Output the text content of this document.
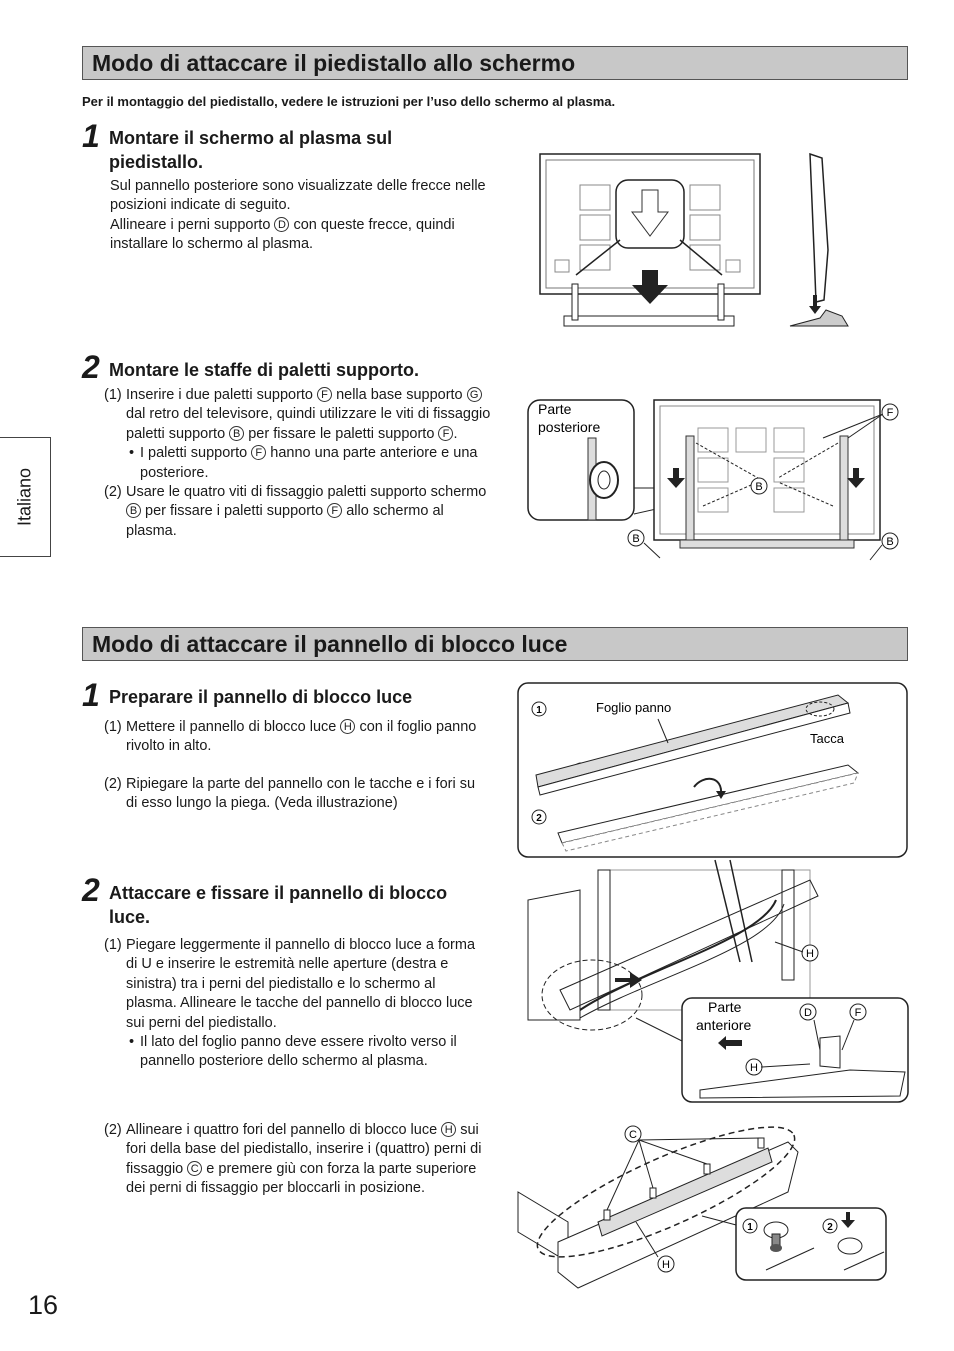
Modo di attaccare il piedistallo allo schermo
Per il montaggio del piedistallo, vedere le istruzioni per l’uso dello schermo al plasma.
1 Montare il schermo al plasma sul piedistallo.

Sul pannello posteriore sono visualizzate delle frecce nelle posizioni indicate di seguito.

Allineare i perni supporto D con queste frecce, quindi installare lo schermo al plasma.

2 Montare le staffe di paletti supporto.
(1) Inserire i due paletti supporto F nella base supporto G dal retro del televisore, quindi utilizzare le viti di fissaggio paletti supporto B per fissare le paletti supporto F .
• I paletti supporto F hanno una parte anteriore e una posteriore.
(2) Usare le quatro viti di fissaggio paletti supporto schermo B per fissare i paletti supporto F allo schermo al plasma.
Parte
posteriore
F
B
B	B
Italiano
Modo di attaccare il pannello di blocco luce
1 Preparare il pannello di blocco luce
(1) Mettere il pannello di blocco luce H con il foglio panno rivolto in alto.
(2) Ripiegare la parte del pannello con le tacche e i fori su di esso lungo la piega. (Veda illustrazione)
1	Foglio panno
Tacca
2
2 Attaccare e fissare il pannello di blocco luce.
(1) Piegare leggermente il pannello di blocco luce a forma di U e inserire le estremità nelle aperture (destra e sinistra) tra i perni del piedistallo e lo schermo al plasma. Allineare le tacche del pannello di blocco luce sui perni del piedistallo.
• Il lato del foglio panno deve essere rivolto verso il pannello posteriore dello schermo al plasma.
(2) Allineare i quattro fori del pannello di blocco luce H sui fori della base del piedistallo, inserire i (quattro) perni di fissaggio C e premere giù con forza la parte superiore dei perni di fissaggio per bloccarli in posizione.
H
Parte
anteriore
D	F
H
C
H
1	2
16
